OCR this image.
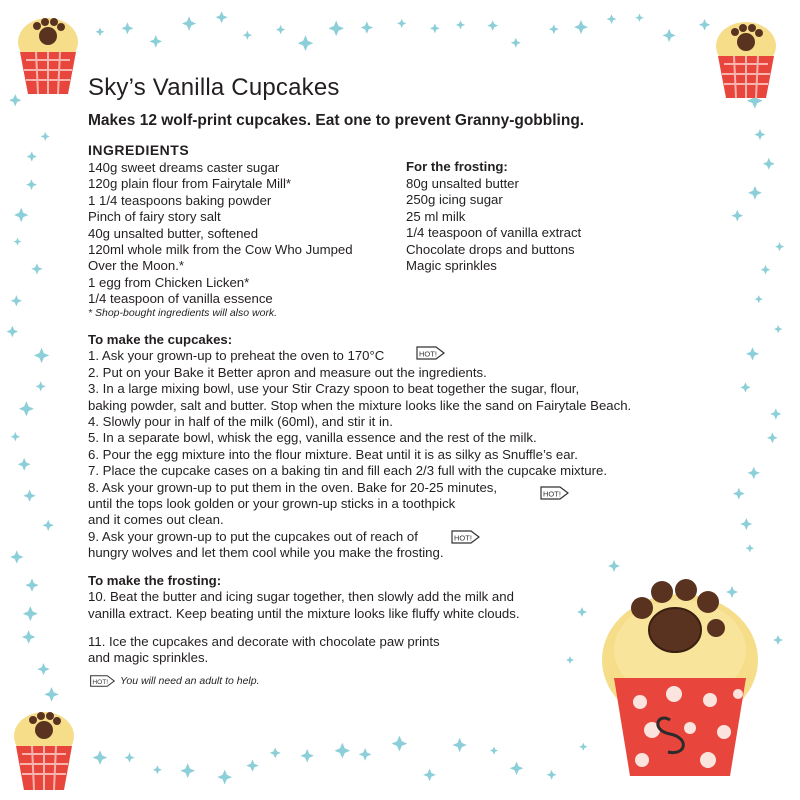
Sky’s Vanilla Cupcakes

Makes 12 wolf-print cupcakes. Eat one to prevent Granny-gobbling.

INGREDIENTS
140g sweet dreams caster sugar
120g plain flour from Fairytale Mill*
1 1/4 teaspoons baking powder
Pinch of fairy story salt
40g unsalted butter, softened
120ml whole milk from the Cow Who Jumped
Over the Moon.*
1 egg from Chicken Licken*
1/4 teaspoon of vanilla essence
* Shop-bought ingredients will also work.
For the frosting:
80g unsalted butter
250g icing sugar
25 ml milk
1/4 teaspoon of vanilla extract
Chocolate drops and buttons
Magic sprinkles
To make the cupcakes:
1. Ask your grown-up to preheat the oven to 170°C
2. Put on your Bake it Better apron and measure out the ingredients.
3. In a large mixing bowl, use your Stir Crazy spoon to beat together the sugar, flour,
baking powder, salt and butter. Stop when the mixture looks like the sand on Fairytale Beach.
4. Slowly pour in half of the milk (60ml), and stir it in.
5. In a separate bowl, whisk the egg, vanilla essence and the rest of the milk.
6. Pour the egg mixture into the flour mixture. Beat until it is as silky as Snuffle’s ear.
7. Place the cupcake cases on a baking tin and fill each 2/3 full with the cupcake mixture.
8. Ask your grown-up to put them in the oven. Bake for 20-25 minutes,
until the tops look golden or your grown-up sticks in a toothpick
and it comes out clean.
9. Ask your grown-up to put the cupcakes out of reach of
hungry wolves and let them cool while you make the frosting.
To make the frosting:
10. Beat the butter and icing sugar together, then slowly add the milk and
vanilla extract. Keep beating until the mixture looks like fluffy white clouds.
11. Ice the cupcakes and decorate with chocolate paw prints
and magic sprinkles.
HOT!
HOT!
HOT!
HOT! You will need an adult to help.
